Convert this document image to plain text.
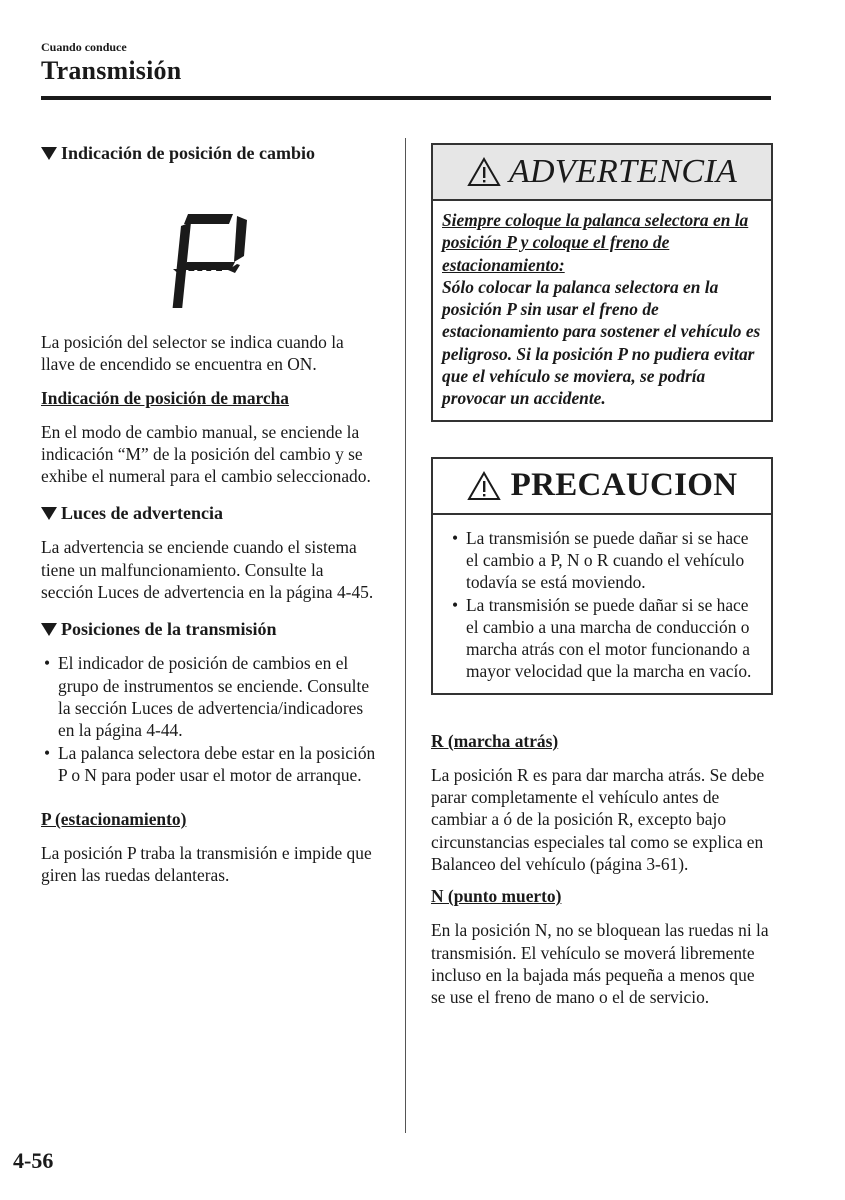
Cuando conduce
Transmisión
Indicación de posición de cambio

La posición del selector se indica cuando la llave de encendido se encuentra en ON.

Indicación de posición de marcha

En el modo de cambio manual, se enciende la indicación “M” de la posición del cambio y se exhibe el numeral para el cambio seleccionado.

Luces de advertencia

La advertencia se enciende cuando el sistema tiene un malfuncionamiento. Consulte la sección Luces de advertencia en la página 4-45.

Posiciones de la transmisión
• El indicador de posición de cambios en el grupo de instrumentos se enciende. Consulte la sección Luces de advertencia/indicadores en la página 4-44.
• La palanca selectora debe estar en la posición P o N para poder usar el motor de arranque.
P (estacionamiento)

La posición P traba la transmisión e impide que giren las ruedas delanteras.

ADVERTENCIA
Siempre coloque la palanca selectora en la posición P y coloque el freno de estacionamiento:
Sólo colocar la palanca selectora en la posición P sin usar el freno de estacionamiento para sostener el vehículo es peligroso. Si la posición P no pudiera evitar que el vehículo se moviera, se podría provocar un accidente.
PRECAUCION
• La transmisión se puede dañar si se hace el cambio a P, N o R cuando el vehículo todavía se está moviendo.
• La transmisión se puede dañar si se hace el cambio a una marcha de conducción o marcha atrás con el motor funcionando a mayor velocidad que la marcha en vacío.
R (marcha atrás)

La posición R es para dar marcha atrás. Se debe parar completamente el vehículo antes de cambiar a ó de la posición R, excepto bajo circunstancias especiales tal como se explica en Balanceo del vehículo (página 3-61).

N (punto muerto)

En la posición N, no se bloquean las ruedas ni la transmisión. El vehículo se moverá libremente incluso en la bajada más pequeña a menos que se use el freno de mano o el de servicio.

4-56
